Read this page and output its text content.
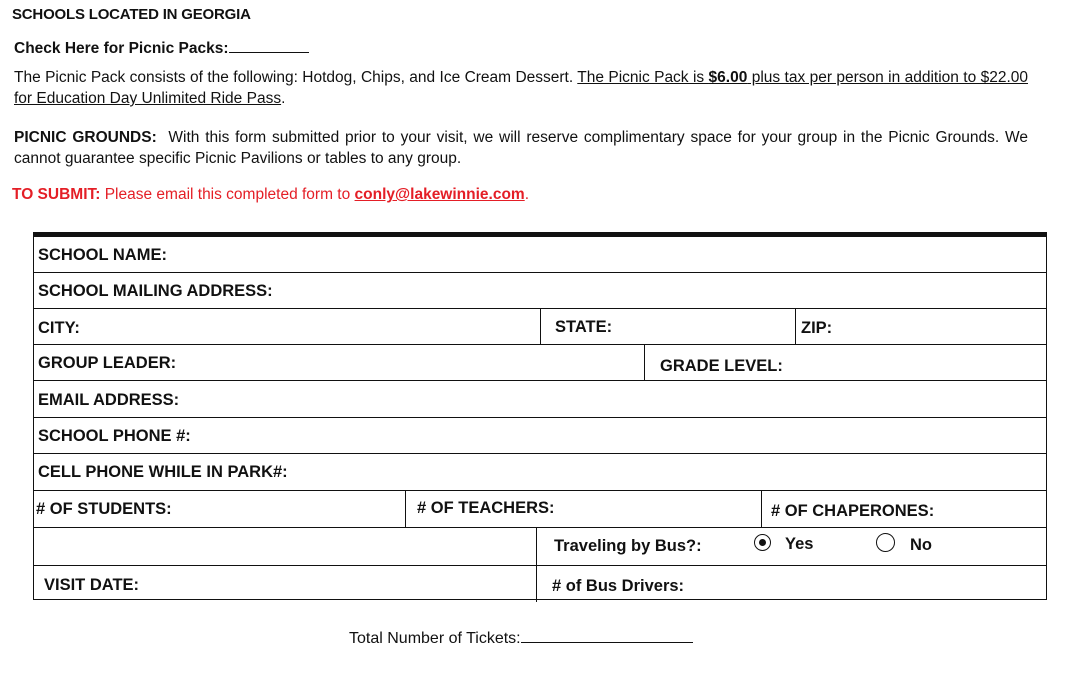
SCHOOLS LOCATED IN GEORGIA
Check Here for Picnic Packs:
The Picnic Pack consists of the following: Hotdog, Chips, and Ice Cream Dessert. The Picnic Pack is $6.00 plus tax per person in addition to $22.00 for Education Day Unlimited Ride Pass.
PICNIC GROUNDS: With this form submitted prior to your visit, we will reserve complimentary space for your group in the Picnic Grounds. We cannot guarantee specific Picnic Pavilions or tables to any group.
TO SUBMIT: Please email this completed form to conly@lakewinnie.com.
SCHOOL NAME:
SCHOOL MAILING ADDRESS:
CITY:	STATE:	ZIP:
GROUP LEADER:	GRADE LEVEL:
EMAIL ADDRESS:
SCHOOL PHONE #:
CELL PHONE WHILE IN PARK#:
# OF STUDENTS:	# OF TEACHERS:	# OF CHAPERONES:
Traveling by Bus?:	Yes	No
VISIT DATE:	# of Bus Drivers:
Total Number of Tickets:
